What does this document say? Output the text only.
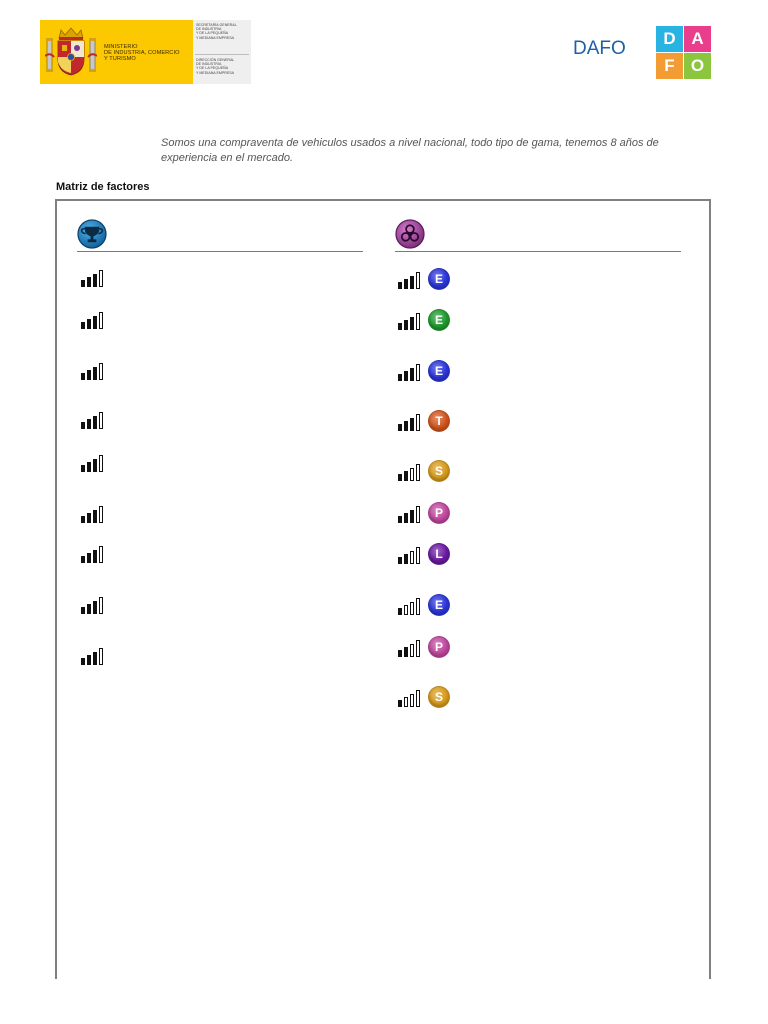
MINISTERIO
DE INDUSTRIA, COMERCIO
Y TURISMO
SECRETARÍA GENERAL
DE INDUSTRIA
Y DE LA PEQUEÑA
Y MEDIANA EMPRESA
DIRECCIÓN GENERAL
DE INDUSTRIA
Y DE LA PEQUEÑA
Y MEDIANA EMPRESA
DAFO	D A
F O
Somos una compraventa de vehiculos usados a nivel nacional, todo tipo de gama, tenemos 8 años de experiencia en el mercado.
Matriz de factores
E
E
E
T
S
P
L
E
P
S
